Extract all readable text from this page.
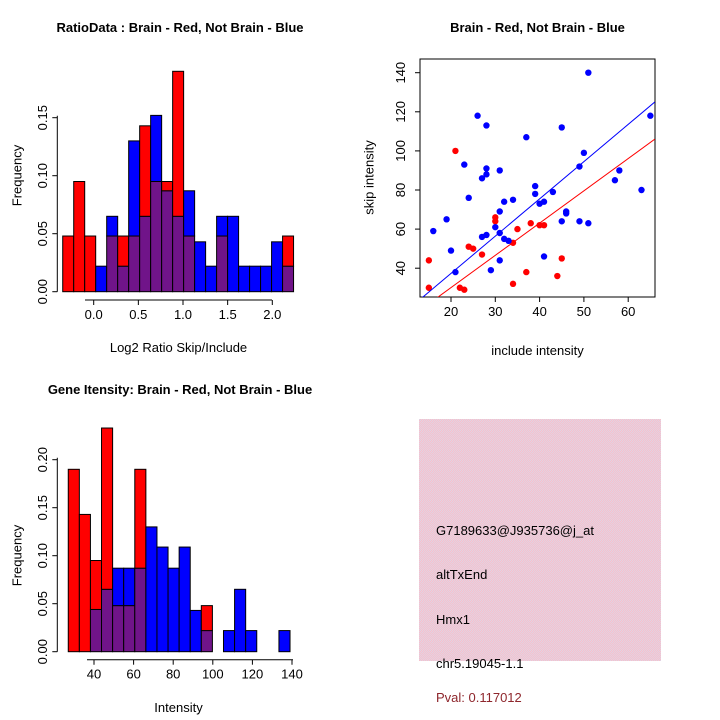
RatioData : Brain - Red, Not Brain - Blue
Frequency
Log2 Ratio Skip/Include
0.00
0.05
0.10
0.15
0.0 0.5 1.0 1.5 2.0
Brain - Red, Not Brain - Blue
skip intensity
include intensity
20 30 40 50 60
40
60
80
100
120
140
Gene Itensity: Brain - Red, Not Brain - Blue
Frequency
Intensity
0.00
0.05
0.10
0.15
0.20
40 60 80 100 120 140
G7189633@J935736@j_at
altTxEnd
Hmx1
chr5.19045-1.1
Pval: 0.117012
